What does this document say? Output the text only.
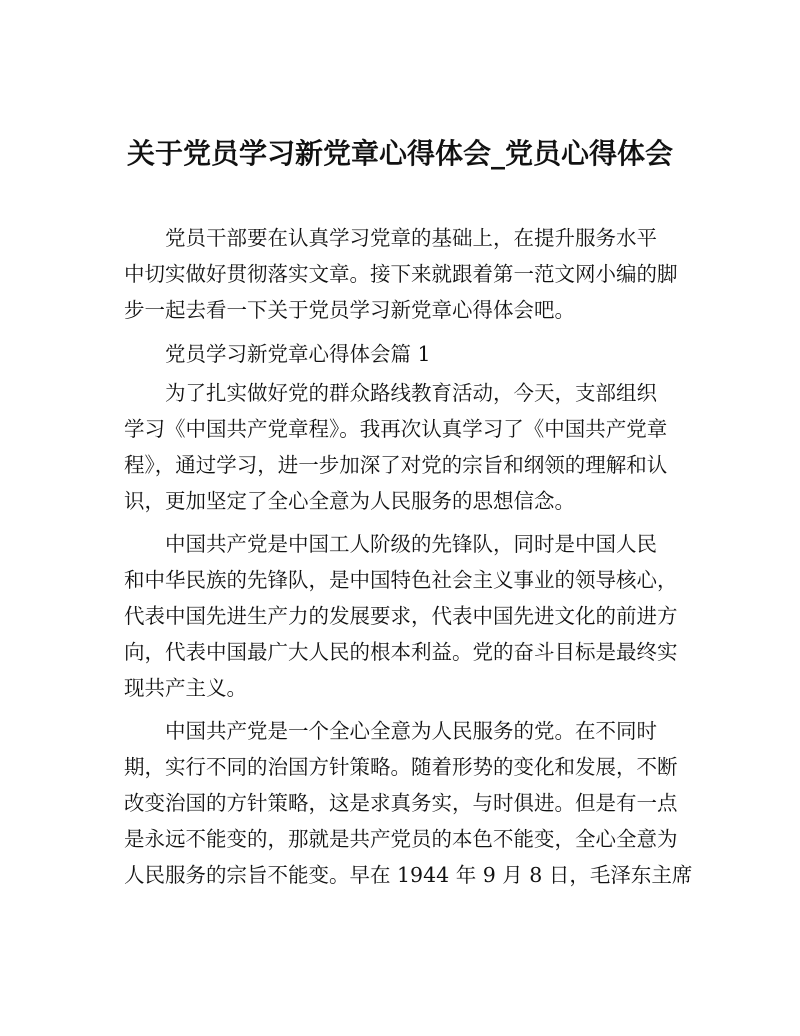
关于党员学习新党章心得体会_党员心得体会
党员干部要在认真学习党章的基础上，在提升服务水平
中切实做好贯彻落实文章。接下来就跟着第一范文网小编的脚
步一起去看一下关于党员学习新党章心得体会吧。
党员学习新党章心得体会篇 1
为了扎实做好党的群众路线教育活动，今天，支部组织
学习《中国共产党章程》。我再次认真学习了《中国共产党章
程》，通过学习，进一步加深了对党的宗旨和纲领的理解和认
识，更加坚定了全心全意为人民服务的思想信念。
中国共产党是中国工人阶级的先锋队，同时是中国人民
和中华民族的先锋队，是中国特色社会主义事业的领导核心，
代表中国先进生产力的发展要求，代表中国先进文化的前进方
向，代表中国最广大人民的根本利益。党的奋斗目标是最终实
现共产主义。
中国共产党是一个全心全意为人民服务的党。在不同时
期，实行不同的治国方针策略。随着形势的变化和发展，不断
改变治国的方针策略，这是求真务实，与时俱进。但是有一点
是永远不能变的，那就是共产党员的本色不能变，全心全意为
人民服务的宗旨不能变。早在 1944 年 9 月 8 日，毛泽东主席
